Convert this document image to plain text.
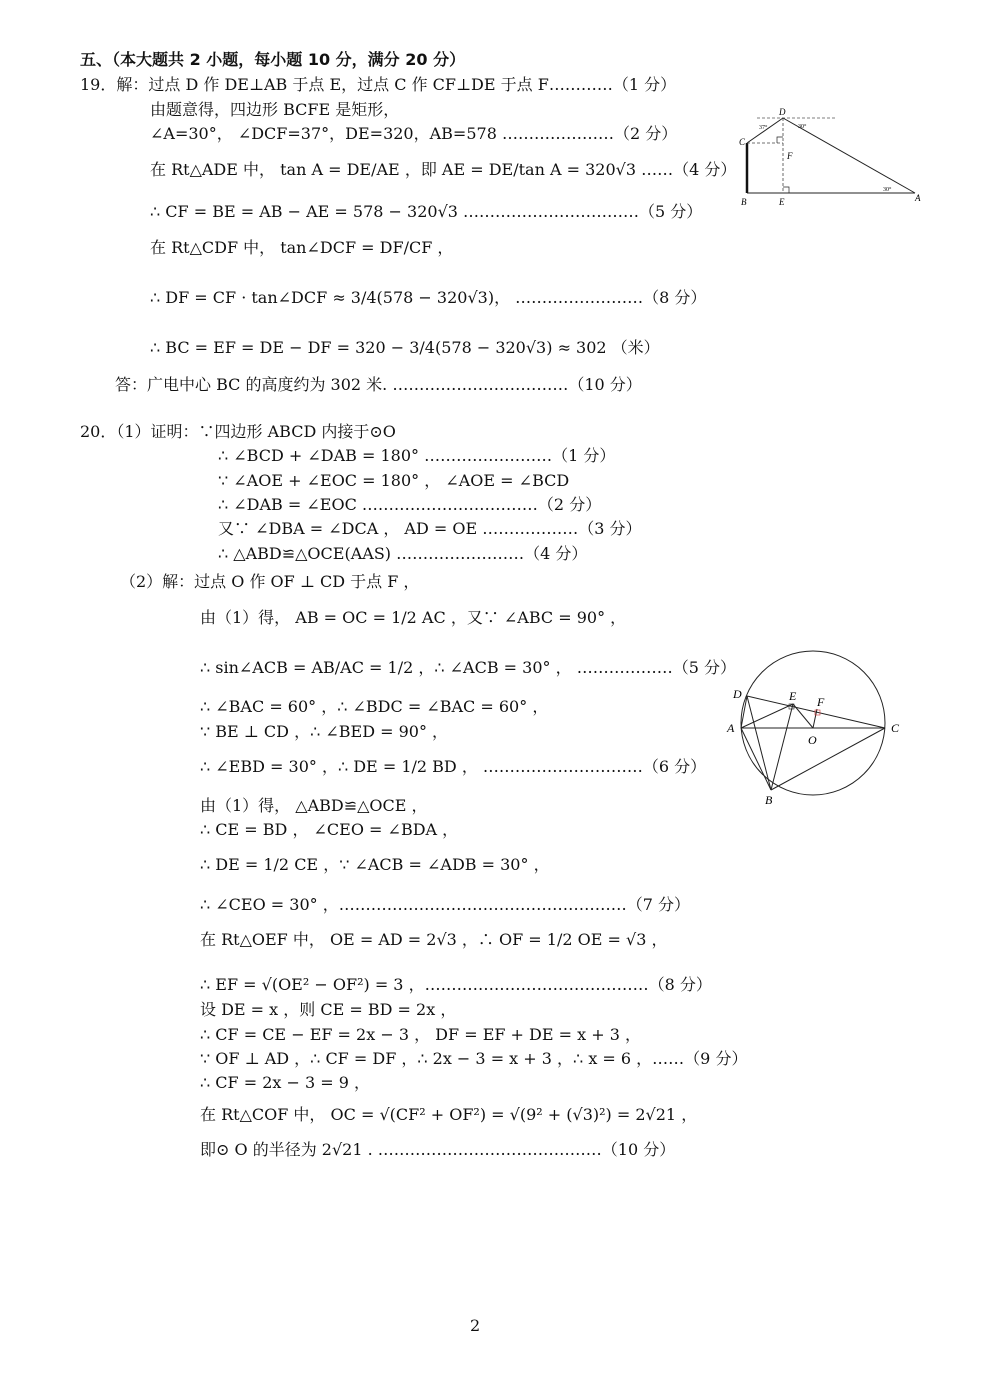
五、（本大题共 2 小题，每小题 10 分，满分 20 分）
19．解：过点 D 作 DE⊥AB 于点 E，过点 C 作 CF⊥DE 于点 F…………（1 分）
由题意得，四边形 BCFE 是矩形，
∠A=30°， ∠DCF=37°，DE=320，AB=578 …………………（2 分）
在 Rt△ADE 中， tan A = DE/AE ，即 AE = DE/tan A = 320√3 ……（4 分）
∴ CF = BE = AB − AE = 578 − 320√3 ……………………………（5 分）
在 Rt△CDF 中， tan∠DCF = DF/CF ，
∴ DF = CF · tan∠DCF ≈ 3/4(578 − 320√3)， ……………………（8 分）
∴ BC = EF = DE − DF = 320 − 3/4(578 − 320√3) ≈ 302 （米）
答：广电中心 BC 的高度约为 302 米. ……………………………（10 分）
D
C
F
B	E	A
37°	30°
30°
20．（1）证明：∵四边形 ABCD 内接于⊙O
∴ ∠BCD + ∠DAB = 180° ……………………（1 分）
∵ ∠AOE + ∠EOC = 180° ， ∠AOE = ∠BCD
∴ ∠DAB = ∠EOC ……………………………（2 分）
又∵ ∠DBA = ∠DCA ， AD = OE ………………（3 分）
∴ △ABD≌△OCE(AAS) ……………………（4 分）
（2）解：过点 O 作 OF ⊥ CD 于点 F ，
由（1）得， AB = OC = 1/2 AC ，又∵ ∠ABC = 90° ，
∴ sin∠ACB = AB/AC = 1/2 ，∴ ∠ACB = 30° ， ………………（5 分）
∴ ∠BAC = 60° ，∴ ∠BDC = ∠BAC = 60° ，
∵ BE ⊥ CD ，∴ ∠BED = 90° ，
∴ ∠EBD = 30° ，∴ DE = 1/2 BD ， …………………………（6 分）
由（1）得， △ABD≌△OCE ，
∴ CE = BD ， ∠CEO = ∠BDA ，
∴ DE = 1/2 CE ，∵ ∠ACB = ∠ADB = 30° ，
∴ ∠CEO = 30° ，………………………………………………（7 分）
在 Rt△OEF 中， OE = AD = 2√3 ，∴ OF = 1/2 OE = √3 ，
∴ EF = √(OE² − OF²) = 3 ，……………………………………（8 分）
设 DE = x ，则 CE = BD = 2x ，
∴ CF = CE − EF = 2x − 3 ， DF = EF + DE = x + 3 ，
∵ OF ⊥ AD ，∴ CF = DF ，∴ 2x − 3 = x + 3 ，∴ x = 6 ，……（9 分）
∴ CF = 2x − 3 = 9 ，
在 Rt△COF 中， OC = √(CF² + OF²) = √(9² + (√3)²) = 2√21 ，
即⊙ O 的半径为 2√21 . ……………………………………（10 分）
D	E F
A
O
C
B
2
